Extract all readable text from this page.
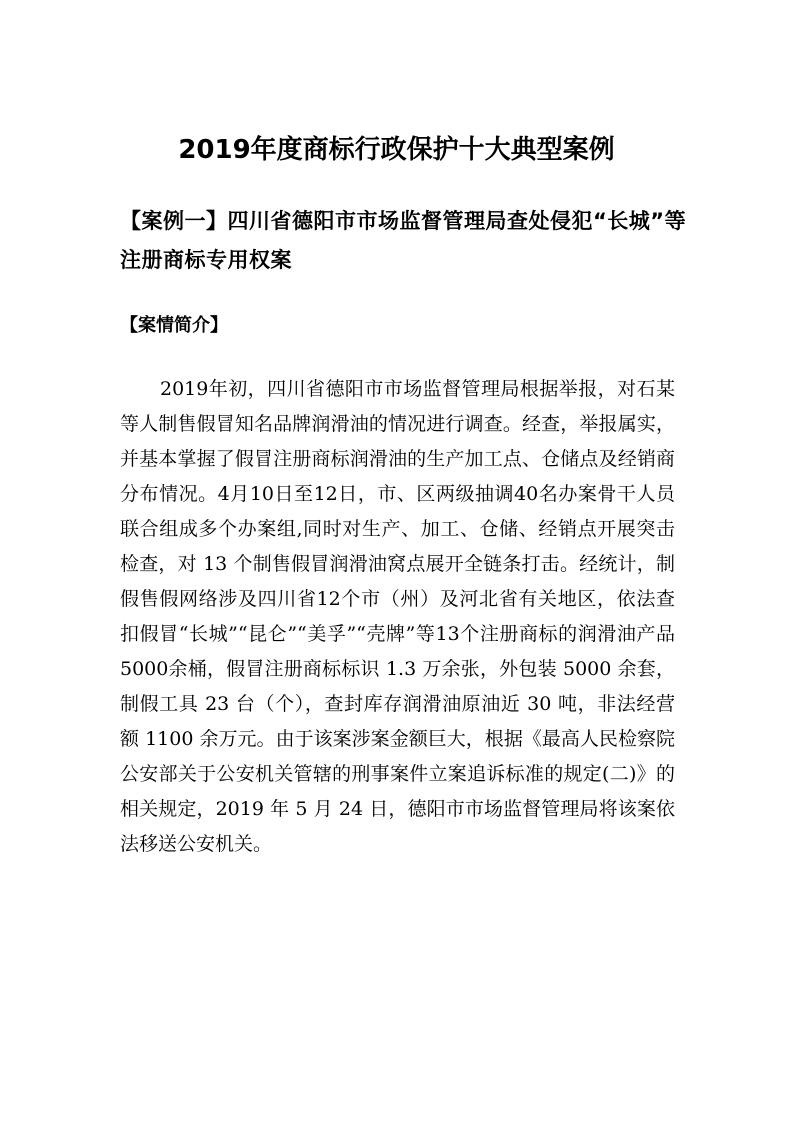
2019年度商标行政保护十大典型案例
【案例一】四川省德阳市市场监督管理局查处侵犯“长城”等注册商标专用权案
【案情简介】

2019年初，四川省德阳市市场监督管理局根据举报，对石某等人制售假冒知名品牌润滑油的情况进行调查。经查，举报属实，并基本掌握了假冒注册商标润滑油的生产加工点、仓储点及经销商分布情况。4月10日至12日，市、区两级抽调40名办案骨干人员联合组成多个办案组,同时对生产、加工、仓储、经销点开展突击检查，对 13 个制售假冒润滑油窝点展开全链条打击。经统计，制假售假网络涉及四川省12个市（州）及河北省有关地区，依法查扣假冒“长城”“昆仑”“美孚”“壳牌”等13个注册商标的润滑油产品5000余桶，假冒注册商标标识 1.3 万余张，外包装 5000 余套，制假工具 23 台（个），查封库存润滑油原油近 30 吨，非法经营额 1100 余万元。由于该案涉案金额巨大，根据《最高人民检察院 公安部关于公安机关管辖的刑事案件立案追诉标准的规定(二)》的相关规定，2019 年 5 月 24 日，德阳市市场监督管理局将该案依法移送公安机关。
